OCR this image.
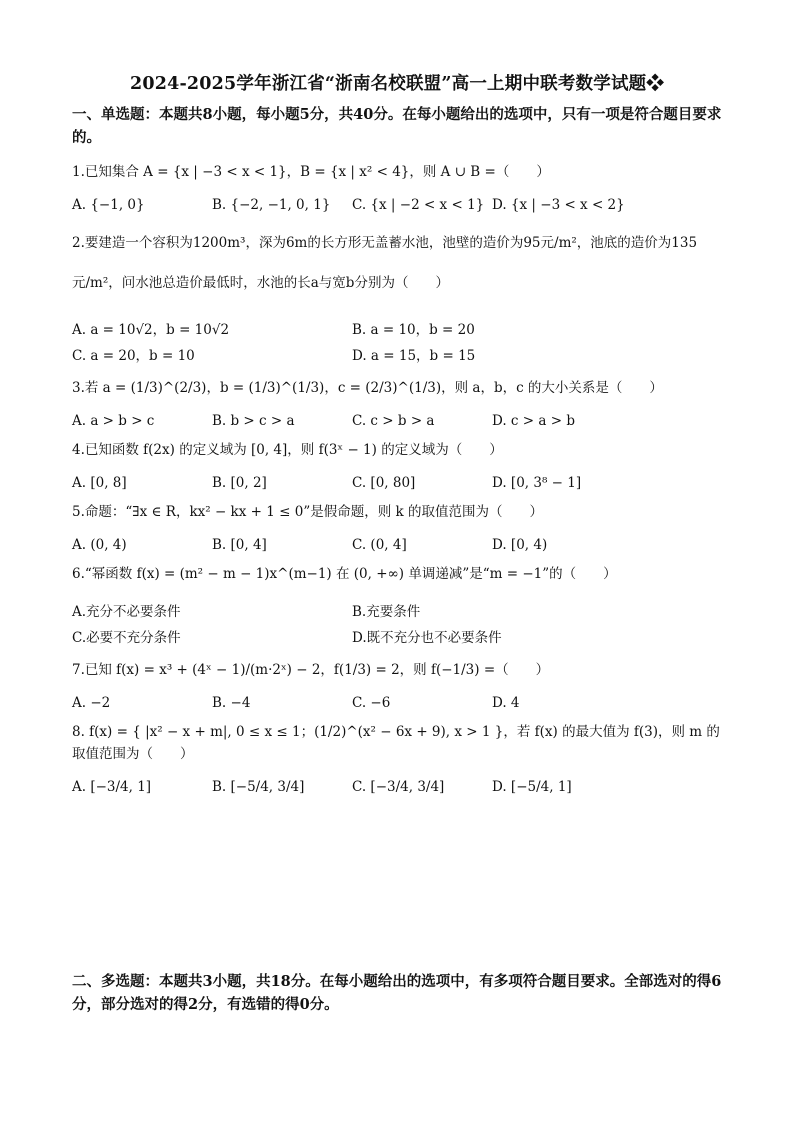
2024-2025学年浙江省“浙南名校联盟”高一上期中联考数学试题❖
一、单选题：本题共8小题，每小题5分，共40分。在每小题给出的选项中，只有一项是符合题目要求的。
1.已知集合 A = {x | −3 < x < 1}，B = {x | x² < 4}，则 A ∪ B =（　　）
A. {−1, 0}	B. {−2, −1, 0, 1}	C. {x | −2 < x < 1} D. {x | −3 < x < 2}
2.要建造一个容积为1200m³，深为6m的长方形无盖蓄水池，池壁的造价为95元/m²，池底的造价为135元/m²，问水池总造价最低时，水池的长a与宽b分别为（　　）
A. a = 10√2，b = 10√2	B. a = 10，b = 20
C. a = 20，b = 10	D. a = 15，b = 15
3.若 a = (1/3)^(2/3)，b = (1/3)^(1/3)，c = (2/3)^(1/3)，则 a，b，c 的大小关系是（　　）
A. a > b > c	B. b > c > a	C. c > b > a	D. c > a > b
4.已知函数 f(2x) 的定义域为 [0, 4]，则 f(3ˣ − 1) 的定义域为（　　）
A. [0, 8]	B. [0, 2]	C. [0, 80]	D. [0, 3⁸ − 1]
5.命题：“∃x ∈ R，kx² − kx + 1 ≤ 0”是假命题，则 k 的取值范围为（　　）
A. (0, 4)	B. [0, 4]	C. (0, 4]	D. [0, 4)
6.“幂函数 f(x) = (m² − m − 1)x^(m−1) 在 (0, +∞) 单调递减”是“m = −1”的（　　）
A.充分不必要条件	B.充要条件
C.必要不充分条件	D.既不充分也不必要条件
7.已知 f(x) = x³ + (4ˣ − 1)/(m·2ˣ) − 2，f(1/3) = 2，则 f(−1/3) =（　　）
A. −2	B. −4	C. −6	D. 4
8. f(x) = { |x² − x + m|, 0 ≤ x ≤ 1；(1/2)^(x² − 6x + 9), x > 1 }，若 f(x) 的最大值为 f(3)，则 m 的取值范围为（　　）
A. [−3/4, 1]	B. [−5/4, 3/4]	C. [−3/4, 3/4]	D. [−5/4, 1]
二、多选题：本题共3小题，共18分。在每小题给出的选项中，有多项符合题目要求。全部选对的得6分，部分选对的得2分，有选错的得0分。
